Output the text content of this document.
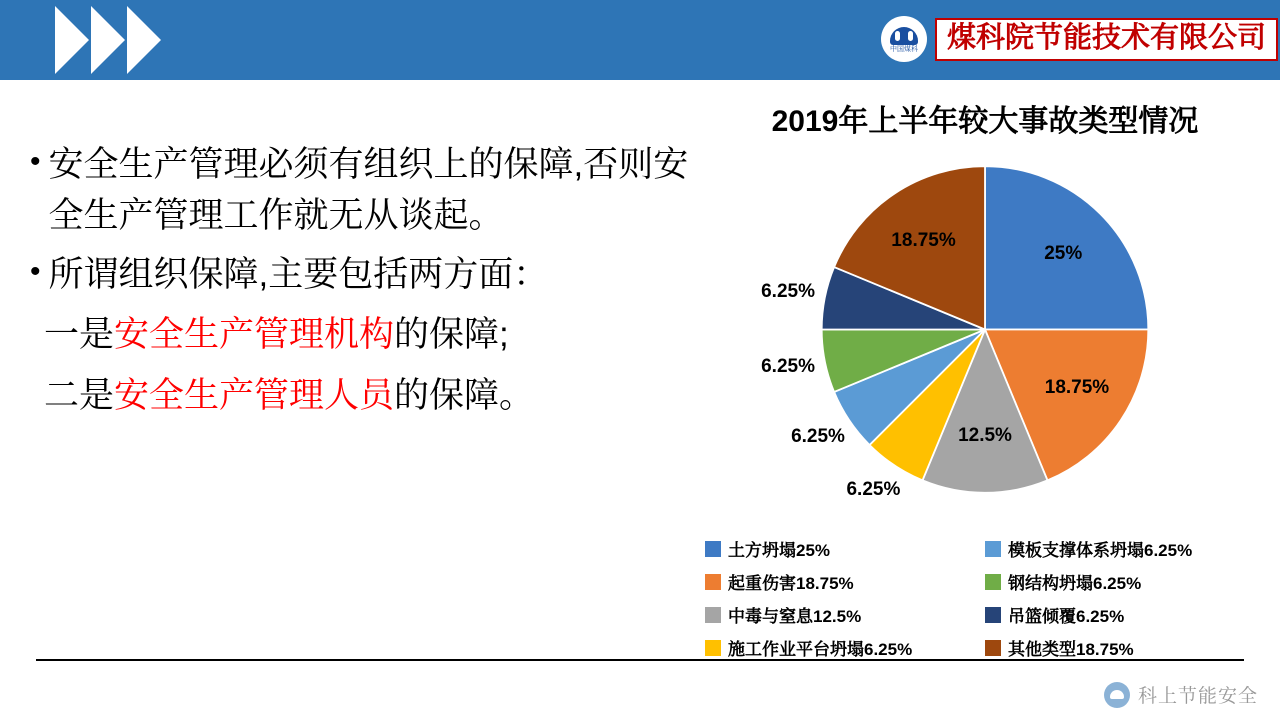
中国煤科	煤科院节能技术有限公司
• 安全生产管理必须有组织上的保障,否则安全生产管理工作就无从谈起。
• 所谓组织保障,主要包括两方面：
一是安全生产管理机构的保障;
二是安全生产管理人员的保障。
2019年上半年较大事故类型情况
25%
18.75%
12.5%
6.25%
6.25%
6.25%
6.25%
18.75%
土方坍塌25%	模板支撑体系坍塌6.25%
起重伤害18.75%	钢结构坍塌6.25%
中毒与窒息12.5%	吊篮倾覆6.25%
施工作业平台坍塌6.25%	其他类型18.75%
科上节能安全
